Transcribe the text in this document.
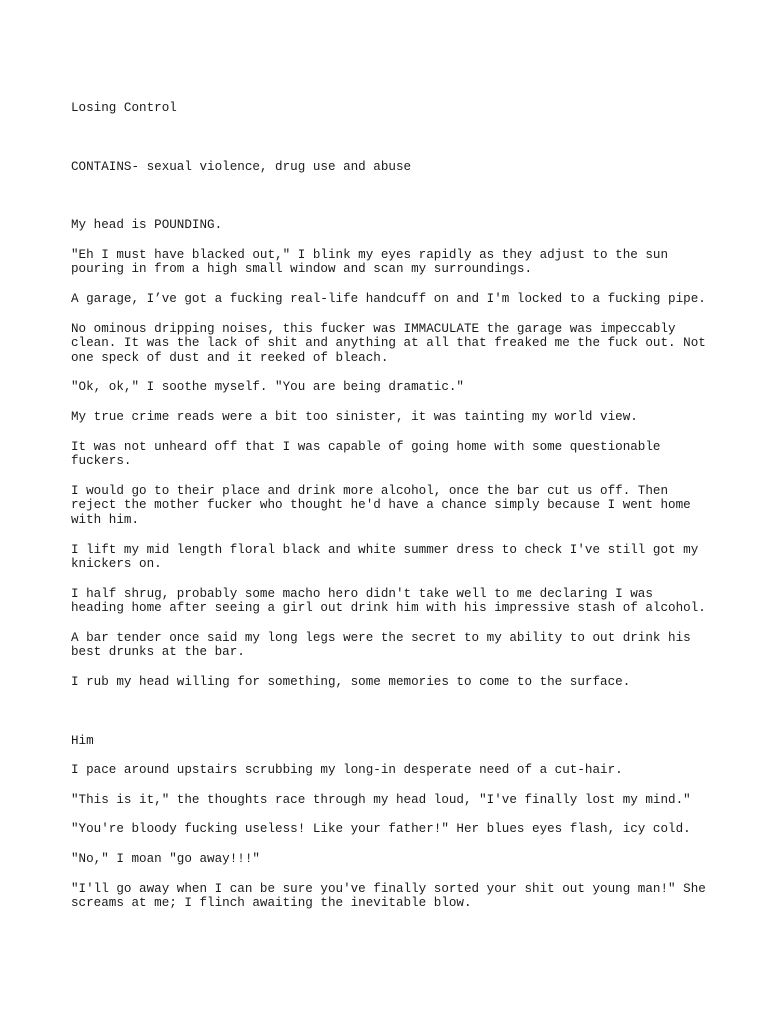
Losing Control

CONTAINS- sexual violence, drug use and abuse

My head is POUNDING.

"Eh I must have blacked out," I blink my eyes rapidly as they adjust to the sun pouring in from a high small window and scan my surroundings.

A garage, I’ve got a fucking real-life handcuff on and I'm locked to a fucking pipe.

No ominous dripping noises, this fucker was IMMACULATE the garage was impeccably clean. It was the lack of shit and anything at all that freaked me the fuck out. Not one speck of dust and it reeked of bleach.

"Ok, ok," I soothe myself. "You are being dramatic."

My true crime reads were a bit too sinister, it was tainting my world view.

It was not unheard off that I was capable of going home with some questionable fuckers.

I would go to their place and drink more alcohol, once the bar cut us off. Then reject the mother fucker who thought he'd have a chance simply because I went home with him.

I lift my mid length floral black and white summer dress to check I've still got my knickers on.

I half shrug, probably some macho hero didn't take well to me declaring I was heading home after seeing a girl out drink him with his impressive stash of alcohol.

A bar tender once said my long legs were the secret to my ability to out drink his best drunks at the bar.

I rub my head willing for something, some memories to come to the surface.

Him

I pace around upstairs scrubbing my long-in desperate need of a cut-hair.

"This is it," the thoughts race through my head loud, "I've finally lost my mind."

"You're bloody fucking useless! Like your father!" Her blues eyes flash, icy cold.

"No," I moan "go away!!!"

"I'll go away when I can be sure you've finally sorted your shit out young man!" She screams at me; I flinch awaiting the inevitable blow.
